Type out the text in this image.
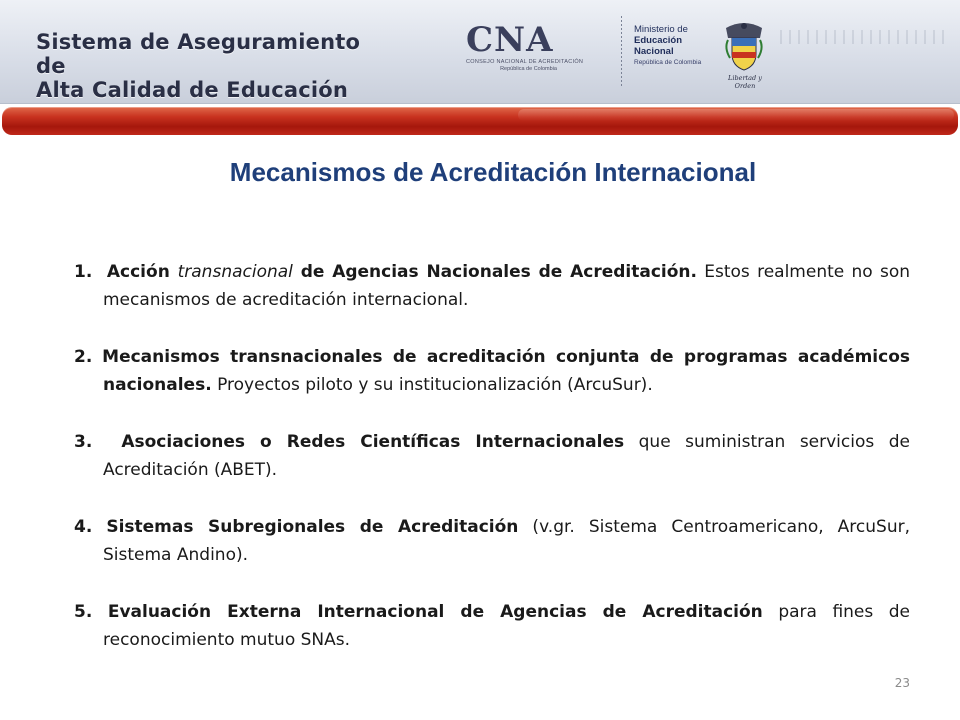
Sistema de Aseguramiento de
Alta Calidad de Educación
CNA
CONSEJO NACIONAL DE ACREDITACIÓN
República de Colombia
Ministerio de
Educación Nacional
República de Colombia
Libertad y Orden
Mecanismos de Acreditación Internacional

1. Acción transnacional de Agencias Nacionales de Acreditación. Estos realmente no son mecanismos de acreditación internacional.

2. Mecanismos transnacionales de acreditación conjunta de programas académicos nacionales. Proyectos piloto y su institucionalización (ArcuSur).

3. Asociaciones o Redes Científicas Internacionales que suministran servicios de Acreditación (ABET).

4. Sistemas Subregionales de Acreditación (v.gr. Sistema Centroamericano, ArcuSur, Sistema Andino).

5. Evaluación Externa Internacional de Agencias de Acreditación para fines de reconocimiento mutuo SNAs.

23
